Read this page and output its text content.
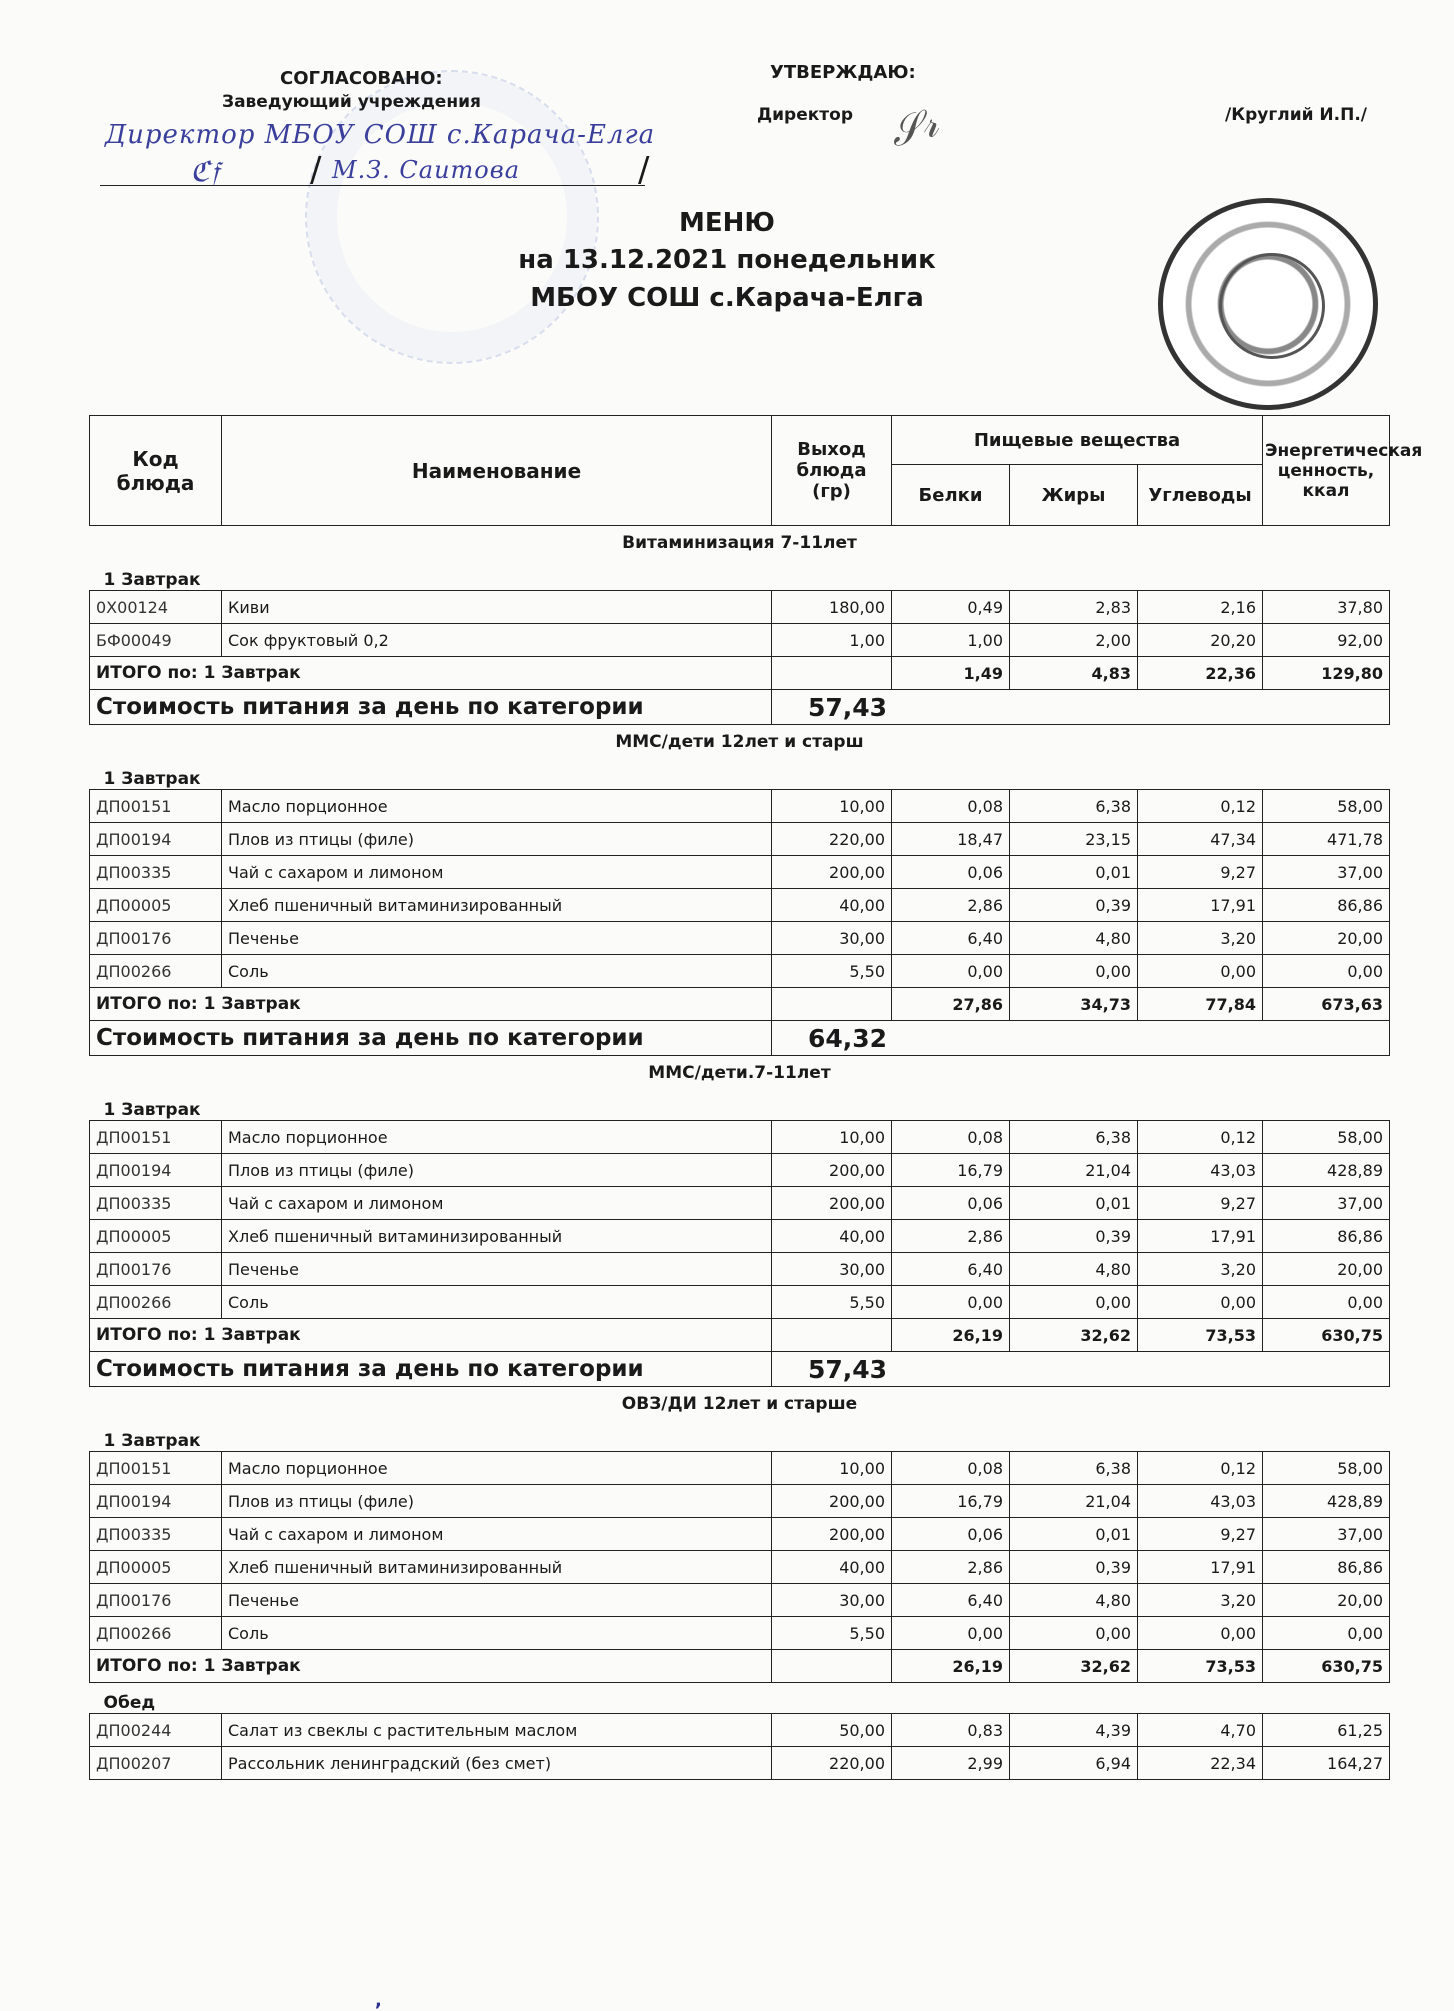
СОГЛАСОВАНО:
Заведующий учреждения
Директор МБОУ СОШ с.Карача-Елга
ℭ𝔣	/ М.З. Саитова	/
УТВЕРЖДАЮ:
Директор 𝒮𝓇	/Круглий И.П./
МЕНЮ
на 13.12.2021 понедельник
МБОУ СОШ с.Карача-Елга
Код блюда	Наименование	Выход блюда (гр)	Пищевые вещества			Энергетическая ценность, ккал
			Белки	Жиры	Углеводы	
Витаминизация 7-11лет						
1 Завтрак						
0X00124	Киви	180,00	0,49	2,83	2,16	37,80
БФ00049	Сок фруктовый 0,2	1,00	1,00	2,00	20,20	92,00
ИТОГО по: 1 Завтрак			1,49	4,83	22,36	129,80
Стоимость питания за день по категории		57,43				
ММС/дети 12лет и старш						
1 Завтрак						
ДП00151	Масло порционное	10,00	0,08	6,38	0,12	58,00
ДП00194	Плов из птицы (филе)	220,00	18,47	23,15	47,34	471,78
ДП00335	Чай с сахаром и лимоном	200,00	0,06	0,01	9,27	37,00
ДП00005	Хлеб пшеничный витаминизированный	40,00	2,86	0,39	17,91	86,86
ДП00176	Печенье	30,00	6,40	4,80	3,20	20,00
ДП00266	Соль	5,50	0,00	0,00	0,00	0,00
ИТОГО по: 1 Завтрак			27,86	34,73	77,84	673,63
Стоимость питания за день по категории		64,32				
ММС/дети.7-11лет						
1 Завтрак						
ДП00151	Масло порционное	10,00	0,08	6,38	0,12	58,00
ДП00194	Плов из птицы (филе)	200,00	16,79	21,04	43,03	428,89
ДП00335	Чай с сахаром и лимоном	200,00	0,06	0,01	9,27	37,00
ДП00005	Хлеб пшеничный витаминизированный	40,00	2,86	0,39	17,91	86,86
ДП00176	Печенье	30,00	6,40	4,80	3,20	20,00
ДП00266	Соль	5,50	0,00	0,00	0,00	0,00
ИТОГО по: 1 Завтрак			26,19	32,62	73,53	630,75
Стоимость питания за день по категории		57,43				
ОВЗ/ДИ 12лет и старше						
1 Завтрак						
ДП00151	Масло порционное	10,00	0,08	6,38	0,12	58,00
ДП00194	Плов из птицы (филе)	200,00	16,79	21,04	43,03	428,89
ДП00335	Чай с сахаром и лимоном	200,00	0,06	0,01	9,27	37,00
ДП00005	Хлеб пшеничный витаминизированный	40,00	2,86	0,39	17,91	86,86
ДП00176	Печенье	30,00	6,40	4,80	3,20	20,00
ДП00266	Соль	5,50	0,00	0,00	0,00	0,00
ИТОГО по: 1 Завтрак			26,19	32,62	73,53	630,75
Обед						
ДП00244	Салат из свеклы с растительным маслом	50,00	0,83	4,39	4,70	61,25
ДП00207	Рассольник ленинградский (без смет)	220,00	2,99	6,94	22,34	164,27
,
